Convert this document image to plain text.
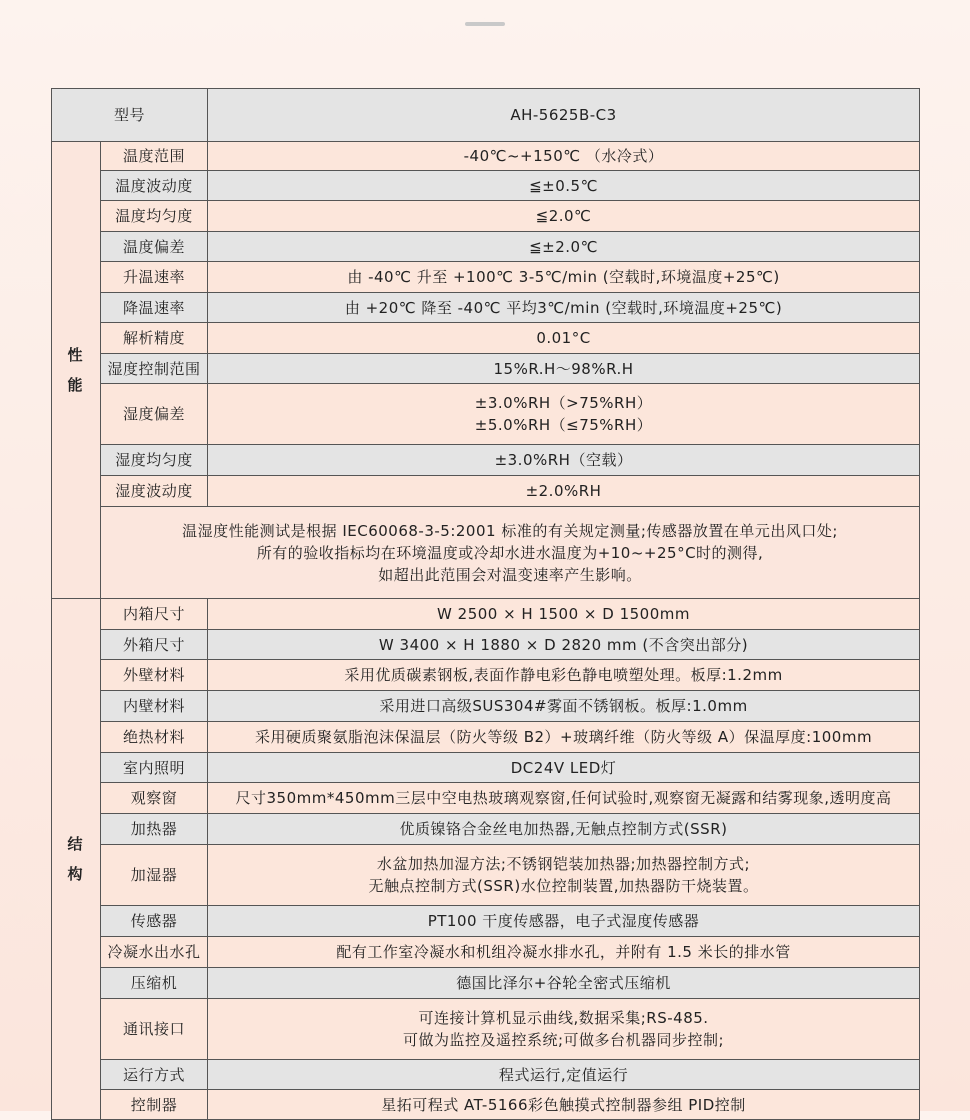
型号		AH-5625B-C3

性
能	温度范围	-40℃~+150℃ （水冷式）

	温度波动度	≦±0.5℃

	温度均匀度	≦2.0℃

	温度偏差	≦±2.0℃

	升温速率	由 -40℃ 升至 +100℃ 3-5℃/min (空载时,环境温度+25℃)

	降温速率	由 +20℃ 降至 -40℃ 平均3℃/min (空载时,环境温度+25℃)

	解析精度	0.01°C

	湿度控制范围	15%R.H～98%R.H

	湿度偏差	±3.0%RH（>75%RH）
±5.0%RH（≤75%RH）

	湿度均匀度	±3.0%RH（空载）

	湿度波动度	±2.0%RH

	温湿度性能测试是根据 IEC60068-3-5:2001 标准的有关规定测量;传感器放置在单元出风口处;
所有的验收指标均在环境温度或冷却水进水温度为+10~+25°C时的测得,
如超出此范围会对温变速率产生影响。	

结
构	内箱尺寸	W 2500 × H 1500 × D 1500mm

	外箱尺寸	W 3400 × H 1880 × D 2820 mm (不含突出部分)

	外壁材料	采用优质碳素钢板,表面作静电彩色静电喷塑处理。板厚:1.2mm

	内壁材料	采用进口高级SUS304#雾面不锈钢板。板厚:1.0mm

	绝热材料	采用硬质聚氨脂泡沫保温层（防火等级 B2）+玻璃纤维（防火等级 A）保温厚度:100mm

	室内照明	DC24V LED灯

	观察窗	尺寸350mm*450mm三层中空电热玻璃观察窗,任何试验时,观察窗无凝露和结雾现象,透明度高

	加热器	优质镍铬合金丝电加热器,无触点控制方式(SSR)

	加湿器	水盆加热加湿方法;不锈钢铠装加热器;加热器控制方式;
无触点控制方式(SSR)水位控制装置,加热器防干烧装置。

	传感器	PT100 干度传感器，电子式湿度传感器

	冷凝水出水孔	配有工作室冷凝水和机组冷凝水排水孔，并附有 1.5 米长的排水管

	压缩机	德国比泽尔+谷轮全密式压缩机

	通讯接口	可连接计算机显示曲线,数据采集;RS-485.
可做为监控及遥控系统;可做多台机器同步控制;

	运行方式	程式运行,定值运行

	控制器	星拓可程式 AT-5166彩色触摸式控制器参组 PID控制
